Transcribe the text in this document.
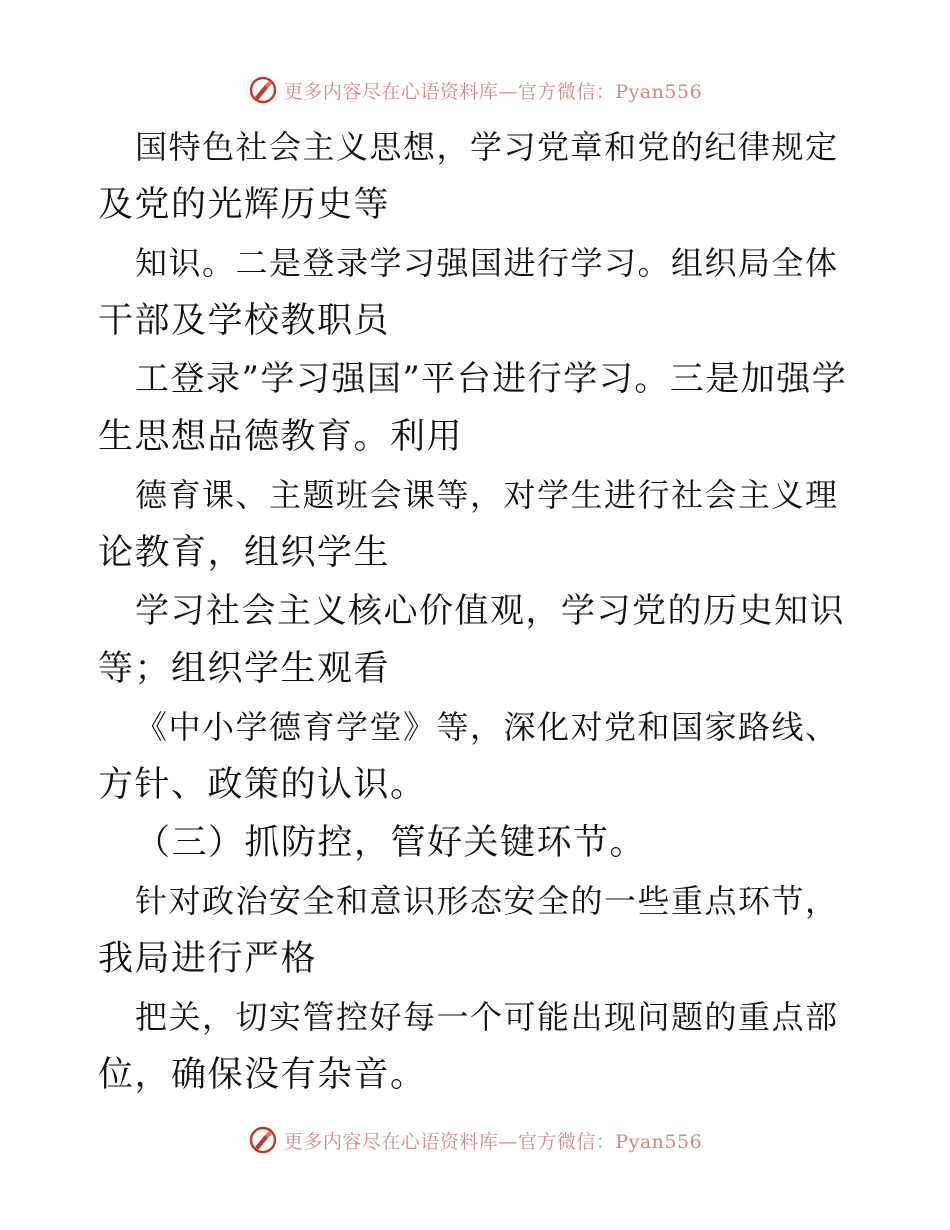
更多内容尽在心语资料库—官方微信：Pyan556
国特色社会主义思想，学习党章和党的纪律规定
及党的光辉历史等
知识。二是登录学习强国进行学习。组织局全体
干部及学校教职员
工登录”学习强国”平台进行学习。三是加强学
生思想品德教育。利用
德育课、主题班会课等，对学生进行社会主义理
论教育，组织学生
学习社会主义核心价值观，学习党的历史知识
等；组织学生观看
《中小学德育学堂》等，深化对党和国家路线、
方针、政策的认识。
（三）抓防控，管好关键环节。
针对政治安全和意识形态安全的一些重点环节，
我局进行严格
把关，切实管控好每一个可能出现问题的重点部
位，确保没有杂音。
更多内容尽在心语资料库—官方微信：Pyan556
